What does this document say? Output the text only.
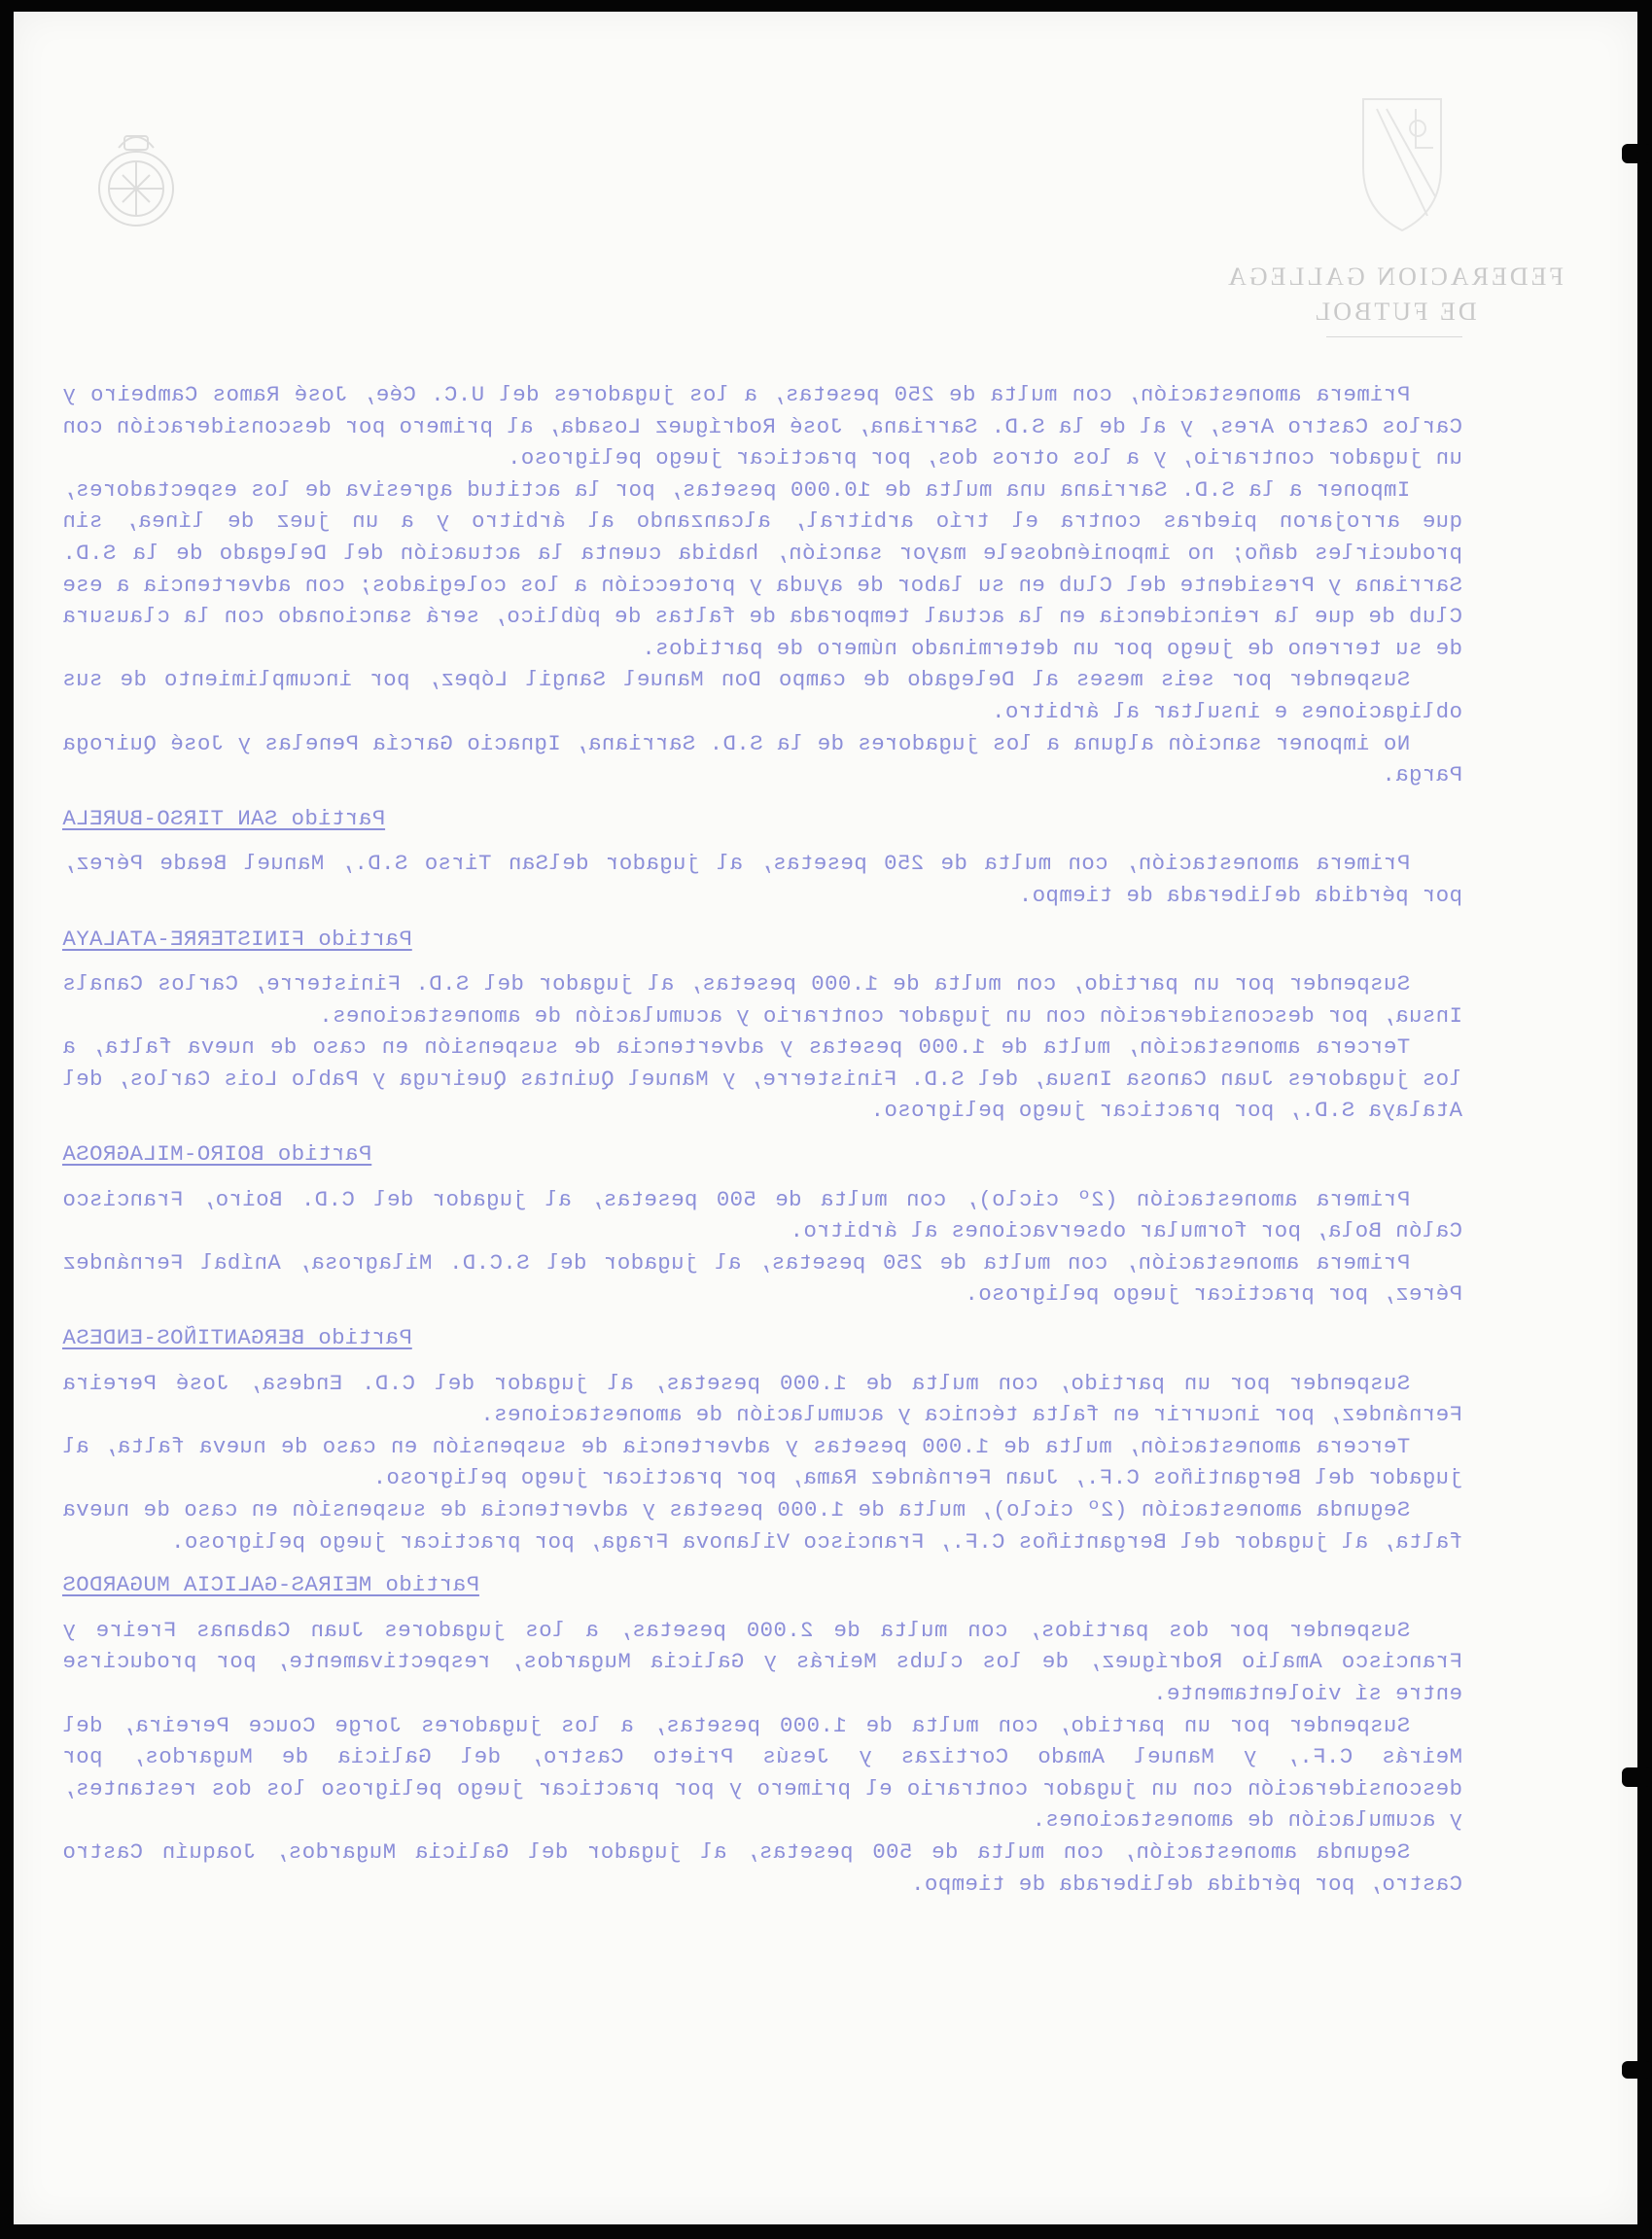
FEDERACION GALLEGA
DE FUTBOL

Primera amonestación, con multa de 250 pesetas, a los jugadores del U.C. Cée, José Ramos Cambeiro y Carlos Castro Ares, y al de la S.D. Sarriana, José Rodríguez Losada, al primero por desconsideración con un jugador contrario, y a los otros dos, por practicar juego peligroso.

Imponer a la S.D. Sarriana una multa de 10.000 pesetas, por la actitud agresiva de los espectadores, que arrojaron piedras contra el trío arbitral, alcanzando al árbitro y a un juez de línea, sin producirles daño; no imponiéndosele mayor sanción, habida cuenta la actuación del Delegado de la S.D. Sarriana y Presidente del Club en su labor de ayuda y protección a los colegiados; con advertencia a ese Club de que la reincidencia en la actual temporada de faltas de público, será sancionado con la clausura de su terreno de juego por un determinado número de partidos.

Suspender por seis meses al Delegado de campo Don Manuel Sangil López, por incumplimiento de sus obligaciones e insultar al árbitro.

No imponer sanción alguna a los jugadores de la S.D. Sarriana, Ignacio García Penelas y José Quiroga Parga.

Partido SAN TIRSO-BURELA

Primera amonestación, con multa de 250 pesetas, al jugador delSan Tirso S.D., Manuel Beade Pérez, por pérdida deliberada de tiempo.

Partido FINISTERRE-ATALAYA

Suspender por un partido, con multa de 1.000 pesetas, al jugador del S.D. Finisterre, Carlos Canals Insua, por desconsideración con un jugador contrario y acumulación de amonestaciones.

Tercera amonestación, multa de 1.000 pesetas y advertencia de suspensión en caso de nueva falta, a los jugadores Juan Canosa Insua, del S.D. Finisterre, y Manuel Quintas Queiruga y Pablo Lois Carlos, del Atalaya S.D., por practicar juego peligroso.

Partido BOIRO-MILAGROSA

Primera amonestación (2º ciclo), con multa de 500 pesetas, al jugador del C.D. Boiro, Francisco Calón Bola, por formular observaciones al árbitro.

Primera amonestación, con multa de 250 pesetas, al jugador del S.C.D. Milagrosa, Aníbal Fernández Pérez, por practicar juego peligroso.

Partido BERGANTIÑOS-ENDESA

Suspender por un partido, con multa de 1.000 pesetas, al jugador del C.D. Endesa, José Pereira Fernández, por incurrir en falta técnica y acumulación de amonestaciones.

Tercera amonestación, multa de 1.000 pesetas y advertencia de suspensión en caso de nueva falta, al jugador del Bergantiños C.F., Juan Fernández Rama, por practicar juego peligroso.

Segunda amonestación (2º ciclo), multa de 1.000 pesetas y advertencia de suspensión en caso de nueva falta, al jugador del Bergantiños C.F., Francisco Vilanova Fraga, por practicar juego peligroso.

Partido MEIRAS-GALICIA MUGARDOS

Suspender por dos partidos, con multa de 2.000 pesetas, a los jugadores Juan Cabanas Freire y Francisco Amalio Rodríguez, de los clubs Meirás y Galicia Mugardos, respectivamente, por producirse entre sí violentamente.

Suspender por un partido, con multa de 1.000 pesetas, a los jugadores Jorge Couce Pereira, del Meirás C.F., y Manuel Amado Cortizas y Jesús Prieto Castro, del Galicia de Mugardos, por desconsideración con un jugador contrario el primero y por practicar juego peligroso los dos restantes, y acumulación de amonestaciones.

Segunda amonestación, con multa de 500 pesetas, al jugador del Galicia Mugardos, Joaquín Castro Castro, por pérdida deliberada de tiempo.
